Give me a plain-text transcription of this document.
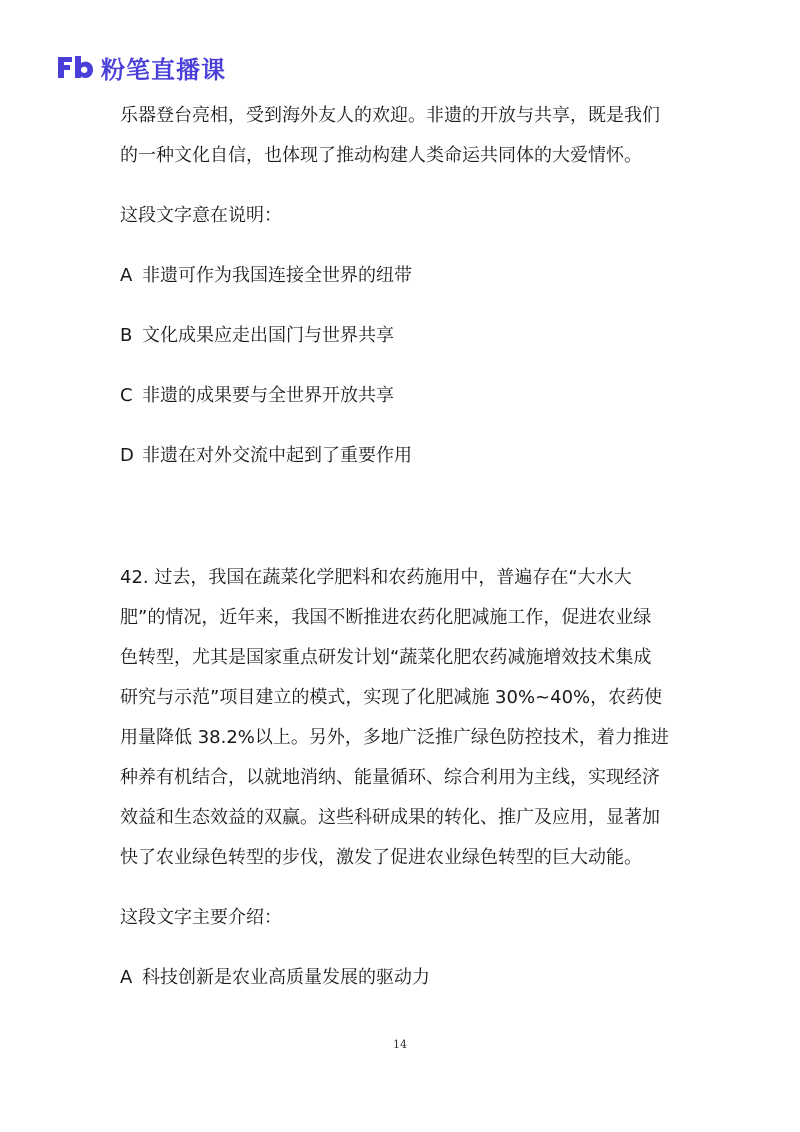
粉笔直播课
乐器登台亮相，受到海外友人的欢迎。非遗的开放与共享，既是我们
的一种文化自信，也体现了推动构建人类命运共同体的大爱情怀。
这段文字意在说明：
A 非遗可作为我国连接全世界的纽带
B 文化成果应走出国门与世界共享
C 非遗的成果要与全世界开放共享
D 非遗在对外交流中起到了重要作用
42. 过去，我国在蔬菜化学肥料和农药施用中，普遍存在“大水大
肥”的情况，近年来，我国不断推进农药化肥减施工作，促进农业绿
色转型，尤其是国家重点研发计划“蔬菜化肥农药减施增效技术集成
研究与示范”项目建立的模式，实现了化肥减施 30%~40%，农药使
用量降低 38.2%以上。另外，多地广泛推广绿色防控技术，着力推进
种养有机结合，以就地消纳、能量循环、综合利用为主线，实现经济
效益和生态效益的双赢。这些科研成果的转化、推广及应用，显著加
快了农业绿色转型的步伐，激发了促进农业绿色转型的巨大动能。
这段文字主要介绍：
A 科技创新是农业高质量发展的驱动力
14
